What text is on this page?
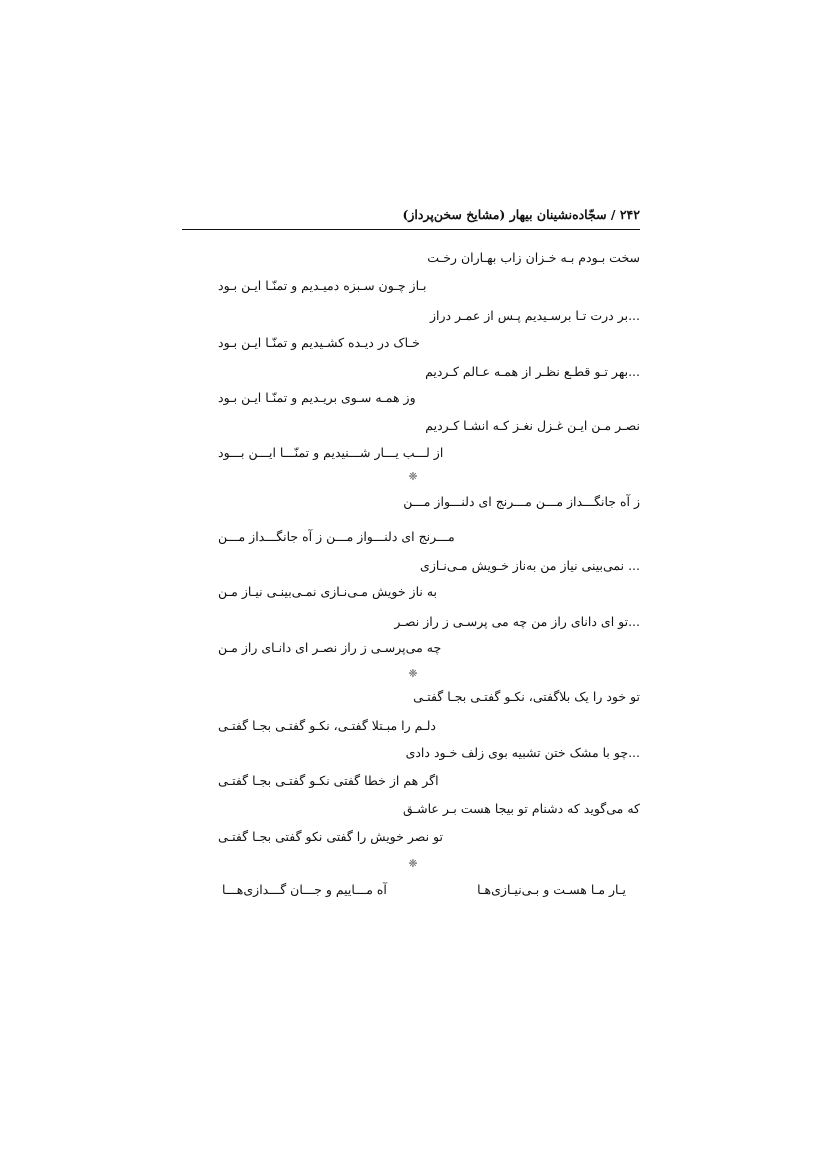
۲۴۲ / سجّاده‌نشینان بیهار (مشایخ سخن‌پرداز)
سخت بـودم بـه خـزان زاب بهـاران رخـت
بـاز چـون سـبزه دمیـدیم و تمنّـا ایـن بـود
...بر درت تـا برسـیدیم پـس از عمـر دراز
خـاک در دیـده کشـیدیم و تمنّـا ایـن بـود
...بهر تـو قطـع نظـر از همـه عـالم کـردیم
وز همـه سـوی بریـدیم و تمنّـا ایـن بـود
نصـر مـن ایـن غـزل نغـز کـه انشـا کـردیم
از لـــب یـــار شـــنیدیم و تمنّـــا ایـــن بـــود
❈
ز آه جانگـــداز مـــن مـــرنج ای دلنـــواز مـــن
مـــرنج ای دلنـــواز مـــن ز آه جانگـــداز مـــن
... نمی‌بینی نیاز من به‌ناز خـویش مـی‌نـازی
به ناز خویش مـی‌نـازی نمـی‌بینـی نیـاز مـن
...تو ای دانای راز من چه می پرسـی ز راز نصـر
چه می‌پرسـی ز راز نصـر ای دانـای راز مـن
❈
تو خود را یک بلاگفتی، نکـو گفتـی بجـا گفتـی
دلـم را مبـتلا گفتـی، نکـو گفتـی بجـا گفتـی
...چو با مشک ختن تشبیه بوی زلف خـود دادی
اگر هم از خطا گفتی نکـو گفتـی بجـا گفتـی
که می‌گوید که دشنام تو بیجا هست بـر عاشـق
تو نصر خویش را گفتی نکو گفتی بجـا گفتـی
❈
یـار مـا هسـت و بـی‌نیـازی‌هـا
آه مـــاییم و جـــان گـــدازی‌هـــا
